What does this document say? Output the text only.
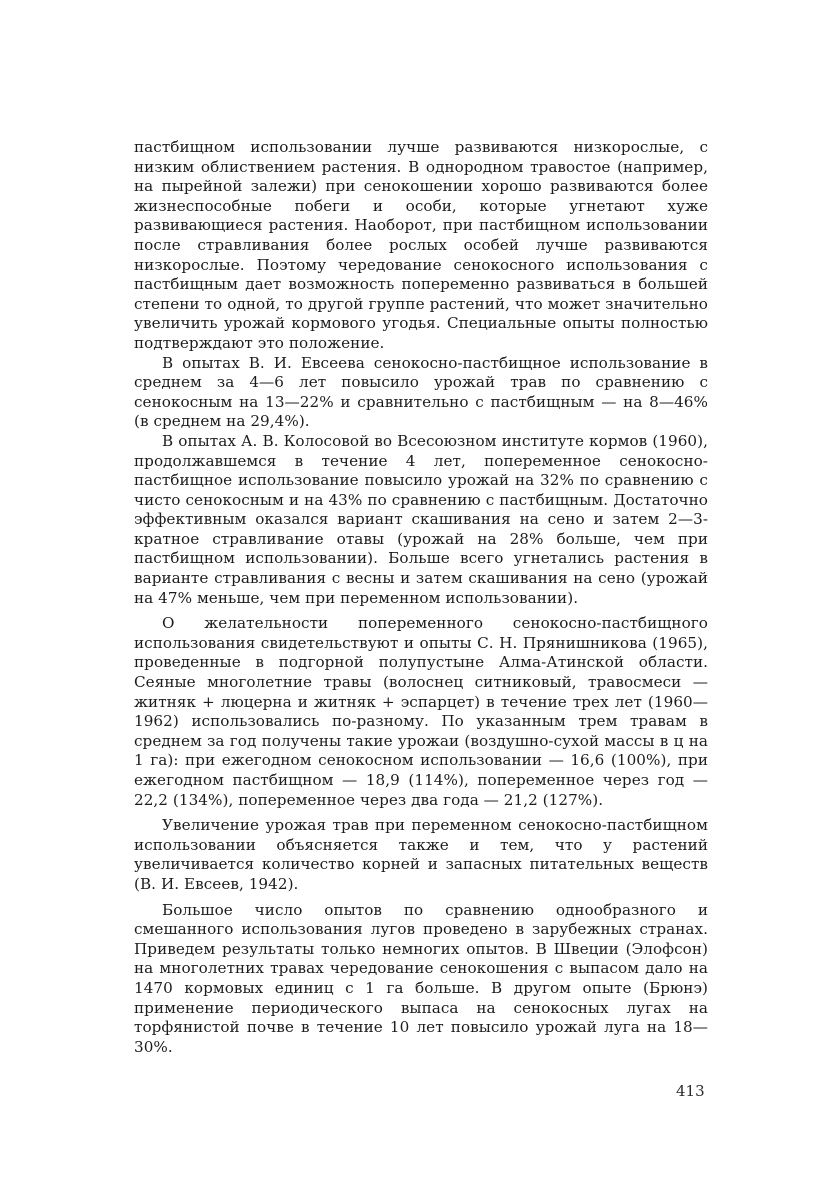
пастбищном использовании лучше развиваются низкорослые, с низким облиствением растения. В однородном травостое (например, на пырейной залежи) при сенокошении хорошо развиваются более жизнеспособные побеги и особи, которые угнетают хуже развивающиеся растения. Наоборот, при пастбищном использовании после стравливания более рослых особей лучше развиваются низкорослые. Поэтому чередование сенокосного использования с пастбищным дает возможность попеременно развиваться в большей степени то одной, то другой группе растений, что может значительно увеличить урожай кормового угодья. Специальные опыты полностью подтверждают это положение.

В опытах В. И. Евсеева сенокосно-пастбищное использование в среднем за 4—6 лет повысило урожай трав по сравнению с сенокосным на 13—22% и сравнительно с пастбищным — на 8—46% (в среднем на 29,4%).

В опытах А. В. Колосовой во Всесоюзном институте кормов (1960), продолжавшемся в течение 4 лет, попеременное сенокосно-пастбищное использование повысило урожай на 32% по сравнению с чисто сенокосным и на 43% по сравнению с пастбищным. Достаточно эффективным оказался вариант скашивания на сено и затем 2—3-кратное стравливание отавы (урожай на 28% больше, чем при пастбищном использовании). Больше всего угнетались растения в варианте стравливания с весны и затем скашивания на сено (урожай на 47% меньше, чем при переменном использовании).

О желательности попеременного сенокосно-пастбищного использования свидетельствуют и опыты С. Н. Прянишникова (1965), проведенные в подгорной полупустыне Алма-Атинской области. Сеяные многолетние травы (волоснец ситниковый, травосмеси — житняк + люцерна и житняк + эспарцет) в течение трех лет (1960—1962) использовались по-разному. По указанным трем травам в среднем за год получены такие урожаи (воздушно-сухой массы в ц на 1 га): при ежегодном сенокосном использовании — 16,6 (100%), при ежегодном пастбищном — 18,9 (114%), попеременное через год — 22,2 (134%), попеременное через два года — 21,2 (127%).

Увеличение урожая трав при переменном сенокосно-пастбищном использовании объясняется также и тем, что у растений увеличивается количество корней и запасных питательных веществ (В. И. Евсеев, 1942).

Большое число опытов по сравнению однообразного и смешанного использования лугов проведено в зарубежных странах. Приведем результаты только немногих опытов. В Швеции (Элофсон) на многолетних травах чередование сенокошения с выпасом дало на 1470 кормовых единиц с 1 га больше. В другом опыте (Брюнэ) применение периодического выпаса на сенокосных лугах на торфянистой почве в течение 10 лет повысило урожай луга на 18—30%.

413
